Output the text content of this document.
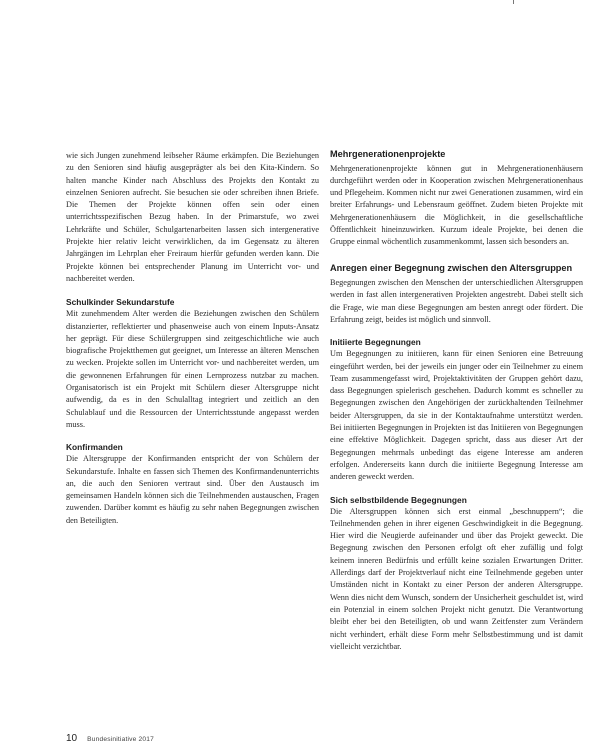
wie sich Jungen zunehmend leibseher Räume erkämpfen. Die Beziehungen zu den Senioren sind häufig ausgeprägter als bei den Kita-Kindern. So halten manche Kinder nach Abschluss des Projekts den Kontakt zu einzelnen Senioren aufrecht. Sie besuchen sie oder schreiben ihnen Briefe. Die Themen der Projekte können offen sein oder einen unterrichtsspezifischen Bezug haben. In der Primarstufe, wo zwei Lehrkräfte und Schüler, Schulgartenarbeiten lassen sich intergenerative Projekte hier relativ leicht verwirklichen, da im Gegensatz zu älteren Jahrgängen im Lehrplan eher Freiraum hierfür gefunden werden kann. Die Projekte können bei entsprechender Planung im Unterricht vor- und nachbereitet werden.

Schulkinder Sekundarstufe

Mit zunehmendem Alter werden die Beziehungen zwischen den Schülern distanzierter, reflektierter und phasenweise auch von einem Inputs-Ansatz her geprägt. Für diese Schülergruppen sind zeitgeschichtliche wie auch biografische Projektthemen gut geeignet, um Interesse an älteren Menschen zu wecken. Projekte sollen im Unterricht vor- und nachbereitet werden, um die gewonnenen Erfahrungen für einen Lernprozess nutzbar zu machen. Organisatorisch ist ein Projekt mit Schülern dieser Altersgruppe nicht aufwendig, da es in den Schulalltag integriert und zeitlich an den Schulablauf und die Ressourcen der Unterrichtsstunde angepasst werden muss.

Konfirmanden

Die Altersgruppe der Konfirmanden entspricht der von Schülern der Sekundarstufe. Inhalte en fassen sich Themen des Konfirmandenunterrichts an, die auch den Senioren vertraut sind. Über den Austausch im gemeinsamen Handeln können sich die Teilnehmenden austauschen, Fragen zuwenden. Darüber kommt es häufig zu sehr nahen Begegnungen zwischen den Beteiligten.

Mehrgenerationenprojekte

Mehrgenerationenprojekte können gut in Mehrgenerationenhäusern durchgeführt werden oder in Kooperation zwischen Mehrgenerationenhaus und Pflegeheim. Kommen nicht nur zwei Generationen zusammen, wird ein breiter Erfahrungs- und Lebensraum geöffnet. Zudem bieten Projekte mit Mehrgenerationenhäusern die Möglichkeit, in die gesellschaftliche Öffentlichkeit hineinzuwirken. Kurzum ideale Projekte, bei denen die Gruppe einmal wöchentlich zusammenkommt, lassen sich besonders an.

Anregen einer Begegnung zwischen den Altersgruppen

Begegnungen zwischen den Menschen der unterschiedlichen Altersgruppen werden in fast allen intergenerativen Projekten angestrebt. Dabei stellt sich die Frage, wie man diese Begegnungen am besten anregt oder fördert. Die Erfahrung zeigt, beides ist möglich und sinnvoll.

Initiierte Begegnungen

Um Begegnungen zu initiieren, kann für einen Senioren eine Betreuung eingeführt werden, bei der jeweils ein junger oder ein Teilnehmer zu einem Team zusammengefasst wird, Projektaktivitäten der Gruppen gehört dazu, dass Begegnungen spielerisch geschehen. Dadurch kommt es schneller zu Begegnungen zwischen den Angehörigen der zurückhaltenden Teilnehmer beider Altersgruppen, da sie in der Kontaktaufnahme unterstützt werden. Bei initiierten Begegnungen in Projekten ist das Initiieren von Begegnungen eine effektive Möglichkeit. Dagegen spricht, dass aus dieser Art der Begegnungen mehrmals unbedingt das eigene Interesse am anderen erfolgen. Andererseits kann durch die initiierte Begegnung Interesse am anderen geweckt werden.

Sich selbstbildende Begegnungen

Die Altersgruppen können sich erst einmal „beschnuppern“; die Teilnehmenden gehen in ihrer eigenen Geschwindigkeit in die Begegnung. Hier wird die Neugierde aufeinander und über das Projekt geweckt. Die Begegnung zwischen den Personen erfolgt oft eher zufällig und folgt keinem inneren Bedürfnis und erfüllt keine sozialen Erwartungen Dritter. Allerdings darf der Projektverlauf nicht eine Teilnehmende gegeben unter Umständen nicht in Kontakt zu einer Person der anderen Altersgruppe. Wenn dies nicht dem Wunsch, sondern der Unsicherheit geschuldet ist, wird ein Potenzial in einem solchen Projekt nicht genutzt. Die Verantwortung bleibt eher bei den Beteiligten, ob und wann Zeitfenster zum Verändern nicht verhindert, erhält diese Form mehr Selbstbestimmung und ist damit vielleicht verzichtbar.

10 Bundesinitiative 2017
